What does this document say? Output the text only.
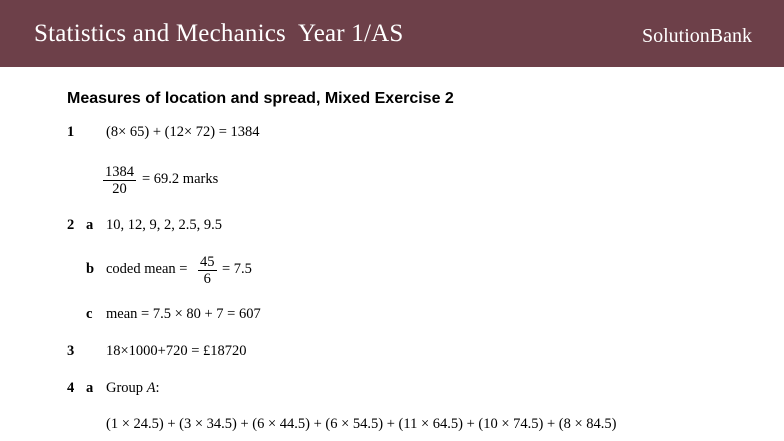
Statistics and Mechanics  Year 1/AS	SolutionBank
Measures of location and spread, Mixed Exercise 2
1 (8× 65) + (12× 72) = 1384
$\frac{1384}{20} = 69.2$ marks
2 a 10, 12, 9, 2, 2.5, 9.5
b coded mean = $\frac{45}{6} = 7.5$
c mean = 7.5 × 80 + 7 = 607
3 18×1000+720 = £18720
4 a Group A:
(1 × 24.5) + (3 × 34.5) + (6 × 44.5) + (6 × 54.5) + (11 × 64.5) + (10 × 74.5) + (8 × 84.5)
